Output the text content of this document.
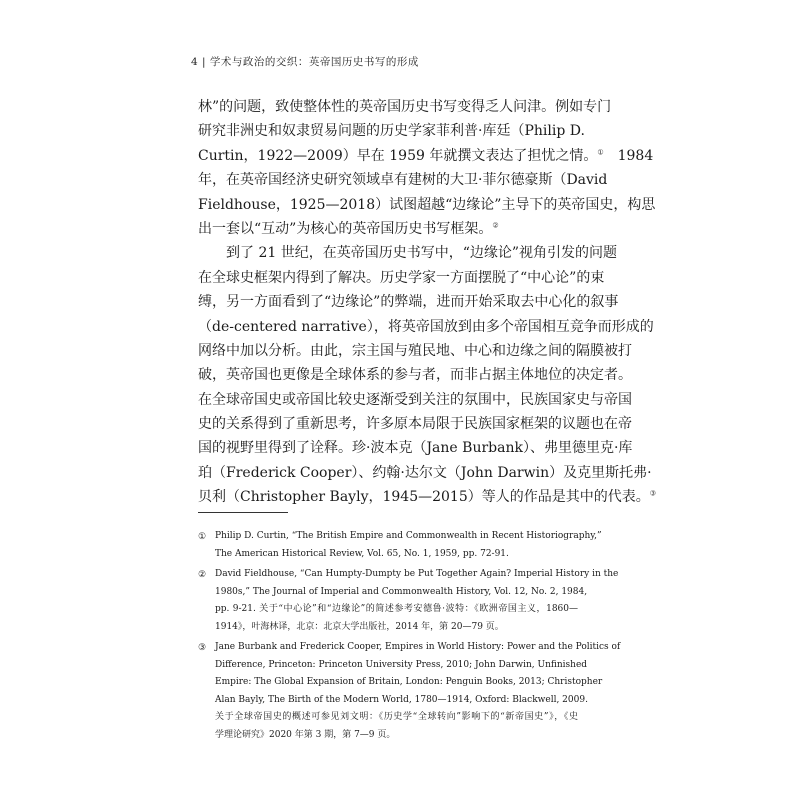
4 | 学术与政治的交织：英帝国历史书写的形成
林”的问题，致使整体性的英帝国历史书写变得乏人问津。例如专门
研究非洲史和奴隶贸易问题的历史学家菲利普·库廷（Philip D.
Curtin，1922—2009）早在 1959 年就撰文表达了担忧之情。①  1984
年，在英帝国经济史研究领域卓有建树的大卫·菲尔德豪斯（David
Fieldhouse，1925—2018）试图超越“边缘论”主导下的英帝国史，构思
出一套以“互动”为核心的英帝国历史书写框架。②
到了 21 世纪，在英帝国历史书写中，“边缘论”视角引发的问题
在全球史框架内得到了解决。历史学家一方面摆脱了“中心论”的束
缚，另一方面看到了“边缘论”的弊端，进而开始采取去中心化的叙事
（de-centered narrative），将英帝国放到由多个帝国相互竞争而形成的
网络中加以分析。由此，宗主国与殖民地、中心和边缘之间的隔膜被打
破，英帝国也更像是全球体系的参与者，而非占据主体地位的决定者。
在全球帝国史或帝国比较史逐渐受到关注的氛围中，民族国家史与帝国
史的关系得到了重新思考，许多原本局限于民族国家框架的议题也在帝
国的视野里得到了诠释。珍·波本克（Jane Burbank）、弗里德里克·库
珀（Frederick Cooper）、约翰·达尔文（John Darwin）及克里斯托弗·
贝利（Christopher Bayly，1945—2015）等人的作品是其中的代表。③
① Philip D. Curtin, “The British Empire and Commonwealth in Recent Historiography,”
The American Historical Review, Vol. 65, No. 1, 1959, pp. 72-91.
② David Fieldhouse, “Can Humpty-Dumpty be Put Together Again? Imperial History in the
1980s,” The Journal of Imperial and Commonwealth History, Vol. 12, No. 2, 1984,
pp. 9-21. 关于“中心论”和“边缘论”的简述参考安德鲁·波特：《欧洲帝国主义，1860—
1914》，叶海林译，北京：北京大学出版社，2014 年，第 20—79 页。
③ Jane Burbank and Frederick Cooper, Empires in World History: Power and the Politics of
Difference, Princeton: Princeton University Press, 2010; John Darwin, Unfinished
Empire: The Global Expansion of Britain, London: Penguin Books, 2013; Christopher
Alan Bayly, The Birth of the Modern World, 1780—1914, Oxford: Blackwell, 2009.
关于全球帝国史的概述可参见刘文明：《历史学“全球转向”影响下的“新帝国史”》，《史
学理论研究》2020 年第 3 期，第 7—9 页。
